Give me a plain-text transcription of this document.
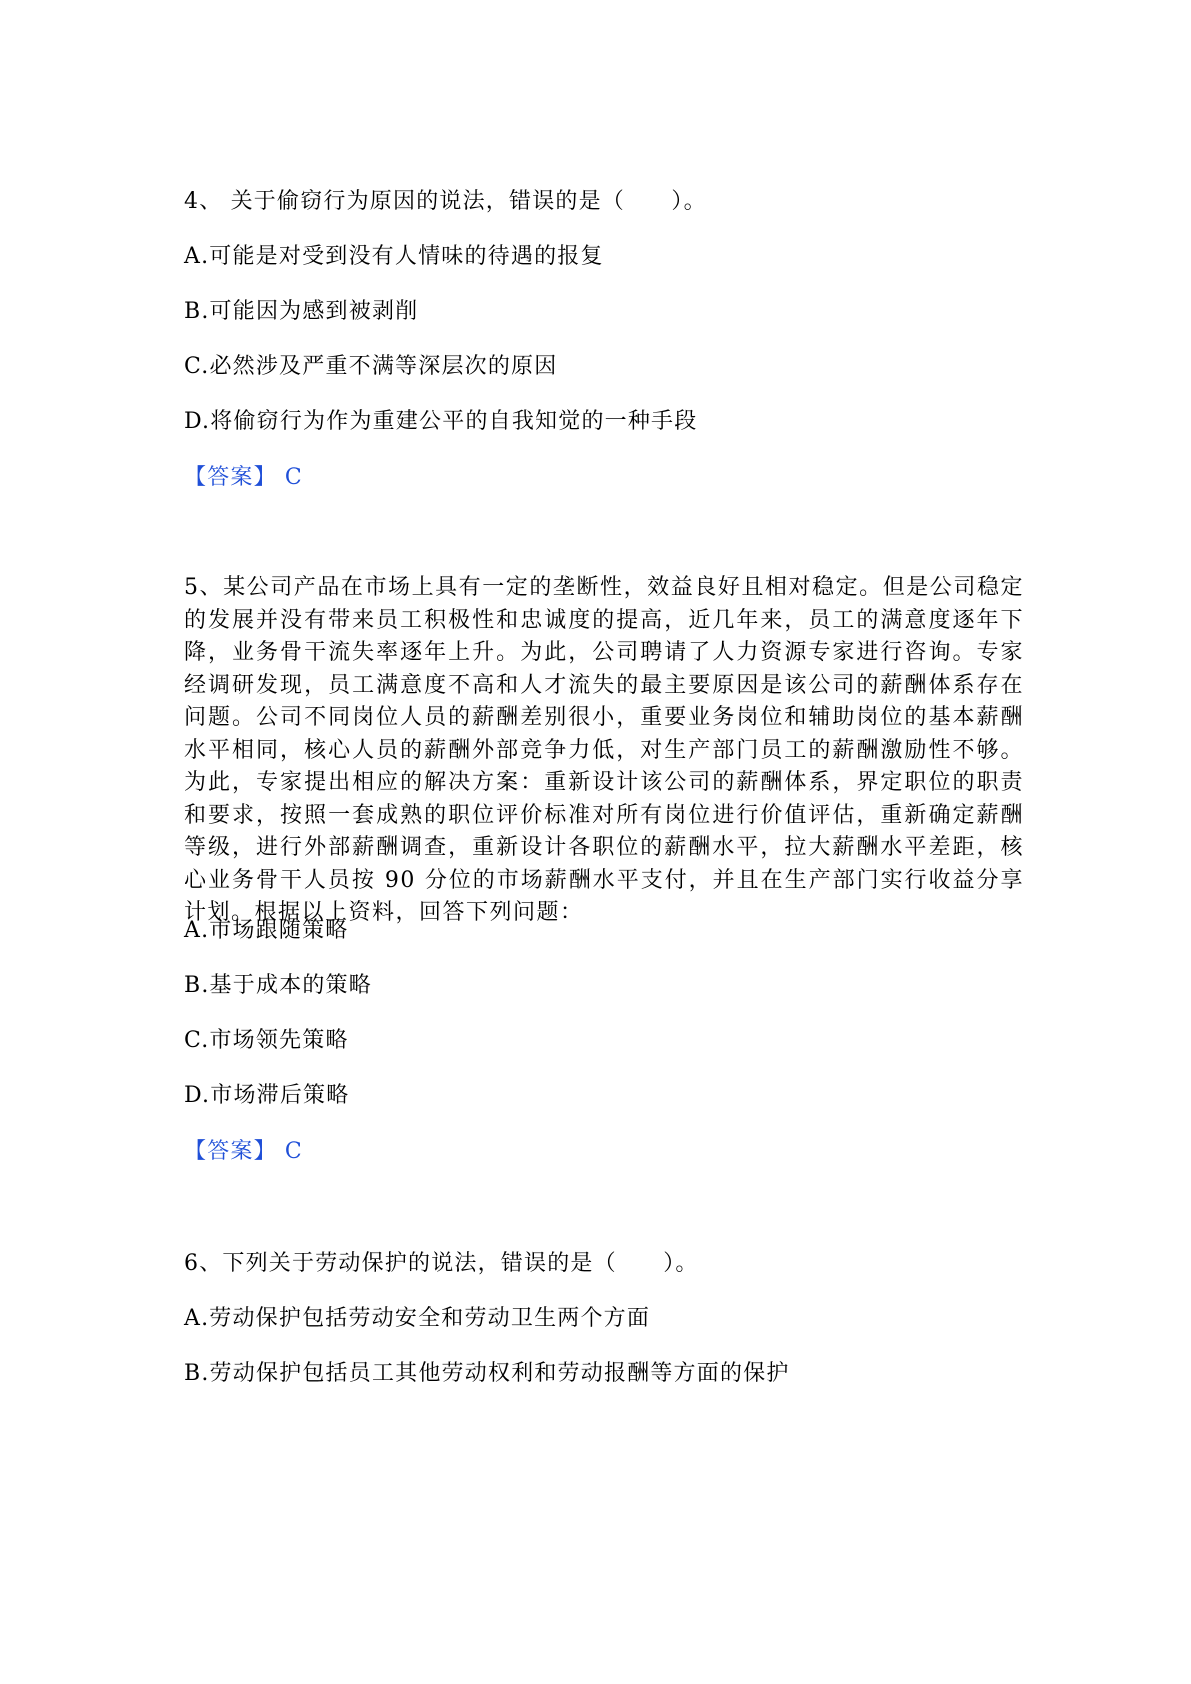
4、 关于偷窃行为原因的说法，错误的是（　　）。

A.可能是对受到没有人情味的待遇的报复

B.可能因为感到被剥削

C.必然涉及严重不满等深层次的原因

D.将偷窃行为作为重建公平的自我知觉的一种手段

【答案】 C

5、某公司产品在市场上具有一定的垄断性，效益良好且相对稳定。但是公司稳定的发展并没有带来员工积极性和忠诚度的提高，近几年来，员工的满意度逐年下降，业务骨干流失率逐年上升。为此，公司聘请了人力资源专家进行咨询。专家经调研发现，员工满意度不高和人才流失的最主要原因是该公司的薪酬体系存在问题。公司不同岗位人员的薪酬差别很小，重要业务岗位和辅助岗位的基本薪酬水平相同，核心人员的薪酬外部竞争力低，对生产部门员工的薪酬激励性不够。为此，专家提出相应的解决方案：重新设计该公司的薪酬体系，界定职位的职责和要求，按照一套成熟的职位评价标准对所有岗位进行价值评估，重新确定薪酬等级，进行外部薪酬调查，重新设计各职位的薪酬水平，拉大薪酬水平差距，核心业务骨干人员按 90 分位的市场薪酬水平支付，并且在生产部门实行收益分享计划。根据以上资料，回答下列问题：

A.市场跟随策略

B.基于成本的策略

C.市场领先策略

D.市场滞后策略

【答案】 C

6、下列关于劳动保护的说法，错误的是（　　）。

A.劳动保护包括劳动安全和劳动卫生两个方面

B.劳动保护包括员工其他劳动权利和劳动报酬等方面的保护
